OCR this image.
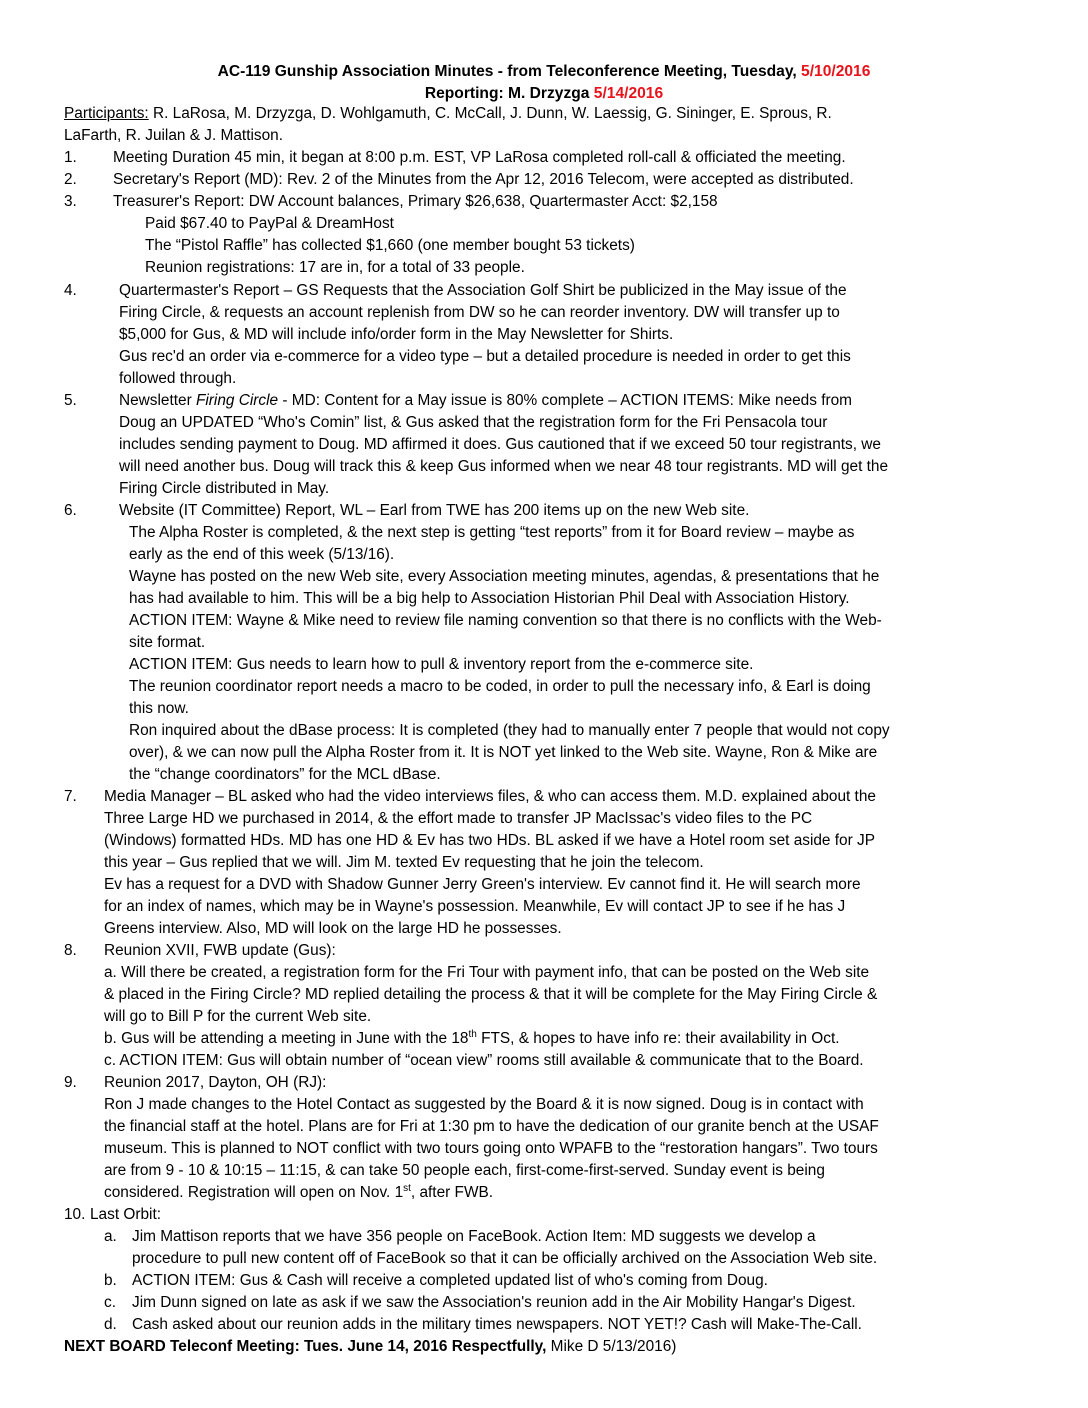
AC-119 Gunship Association Minutes - from Teleconference Meeting, Tuesday, 5/10/2016
Reporting: M. Drzyzga 5/14/2016
Participants: R. LaRosa, M. Drzyzga, D. Wohlgamuth, C. McCall, J. Dunn, W. Laessig, G. Sininger, E. Sprous, R.
LaFarth, R. Juilan & J. Mattison.
1. Meeting Duration 45 min, it began at 8:00 p.m. EST, VP LaRosa completed roll-call & officiated the meeting.
2. Secretary's Report (MD): Rev. 2 of the Minutes from the Apr 12, 2016 Telecom, were accepted as distributed.
3. Treasurer's Report: DW Account balances, Primary $26,638, Quartermaster Acct: $2,158
Paid $67.40 to PayPal & DreamHost
The “Pistol Raffle” has collected $1,660 (one member bought 53 tickets)
Reunion registrations: 17 are in, for a total of 33 people.
4.	Quartermaster's Report – GS Requests that the Association Golf Shirt be publicized in the May issue of the
Firing Circle, & requests an account replenish from DW so he can reorder inventory. DW will transfer up to
$5,000 for Gus, & MD will include info/order form in the May Newsletter for Shirts.
Gus rec'd an order via e-commerce for a video type – but a detailed procedure is needed in order to get this
followed through.
5.	Newsletter Firing Circle - MD: Content for a May issue is 80% complete – ACTION ITEMS: Mike needs from
Doug an UPDATED “Who's Comin” list, & Gus asked that the registration form for the Fri Pensacola tour
includes sending payment to Doug. MD affirmed it does. Gus cautioned that if we exceed 50 tour registrants, we
will need another bus. Doug will track this & keep Gus informed when we near 48 tour registrants. MD will get the
Firing Circle distributed in May.
6.	Website (IT Committee) Report, WL – Earl from TWE has 200 items up on the new Web site.
The Alpha Roster is completed, & the next step is getting “test reports” from it for Board review – maybe as
early as the end of this week (5/13/16).
Wayne has posted on the new Web site, every Association meeting minutes, agendas, & presentations that he
has had available to him. This will be a big help to Association Historian Phil Deal with Association History.
ACTION ITEM: Wayne & Mike need to review file naming convention so that there is no conflicts with the Web-
site format.
ACTION ITEM: Gus needs to learn how to pull & inventory report from the e-commerce site.
The reunion coordinator report needs a macro to be coded, in order to pull the necessary info, & Earl is doing
this now.
Ron inquired about the dBase process: It is completed (they had to manually enter 7 people that would not copy
over), & we can now pull the Alpha Roster from it. It is NOT yet linked to the Web site. Wayne, Ron & Mike are
the “change coordinators” for the MCL dBase.
7. Media Manager – BL asked who had the video interviews files, & who can access them. M.D. explained about the
Three Large HD we purchased in 2014, & the effort made to transfer JP MacIssac's video files to the PC
(Windows) formatted HDs. MD has one HD & Ev has two HDs. BL asked if we have a Hotel room set aside for JP
this year – Gus replied that we will. Jim M. texted Ev requesting that he join the telecom.
Ev has a request for a DVD with Shadow Gunner Jerry Green's interview. Ev cannot find it. He will search more
for an index of names, which may be in Wayne's possession. Meanwhile, Ev will contact JP to see if he has J
Greens interview. Also, MD will look on the large HD he possesses.
8. Reunion XVII, FWB update (Gus):
a. Will there be created, a registration form for the Fri Tour with payment info, that can be posted on the Web site
& placed in the Firing Circle? MD replied detailing the process & that it will be complete for the May Firing Circle &
will go to Bill P for the current Web site.
b. Gus will be attending a meeting in June with the 18th FTS, & hopes to have info re: their availability in Oct.
c. ACTION ITEM: Gus will obtain number of “ocean view” rooms still available & communicate that to the Board.
9. Reunion 2017, Dayton, OH (RJ):
Ron J made changes to the Hotel Contact as suggested by the Board & it is now signed. Doug is in contact with
the financial staff at the hotel. Plans are for Fri at 1:30 pm to have the dedication of our granite bench at the USAF
museum. This is planned to NOT conflict with two tours going onto WPAFB to the “restoration hangars”. Two tours
are from 9 - 10 & 10:15 – 11:15, & can take 50 people each, first-come-first-served. Sunday event is being
considered. Registration will open on Nov. 1st, after FWB.
10. Last Orbit:
a. Jim Mattison reports that we have 356 people on FaceBook. Action Item: MD suggests we develop a
procedure to pull new content off of FaceBook so that it can be officially archived on the Association Web site.
b. ACTION ITEM: Gus & Cash will receive a completed updated list of who's coming from Doug.
c. Jim Dunn signed on late as ask if we saw the Association's reunion add in the Air Mobility Hangar's Digest.
d. Cash asked about our reunion adds in the military times newspapers. NOT YET!? Cash will Make-The-Call.
NEXT BOARD Teleconf Meeting: Tues. June 14, 2016 Respectfully, Mike D 5/13/2016)
